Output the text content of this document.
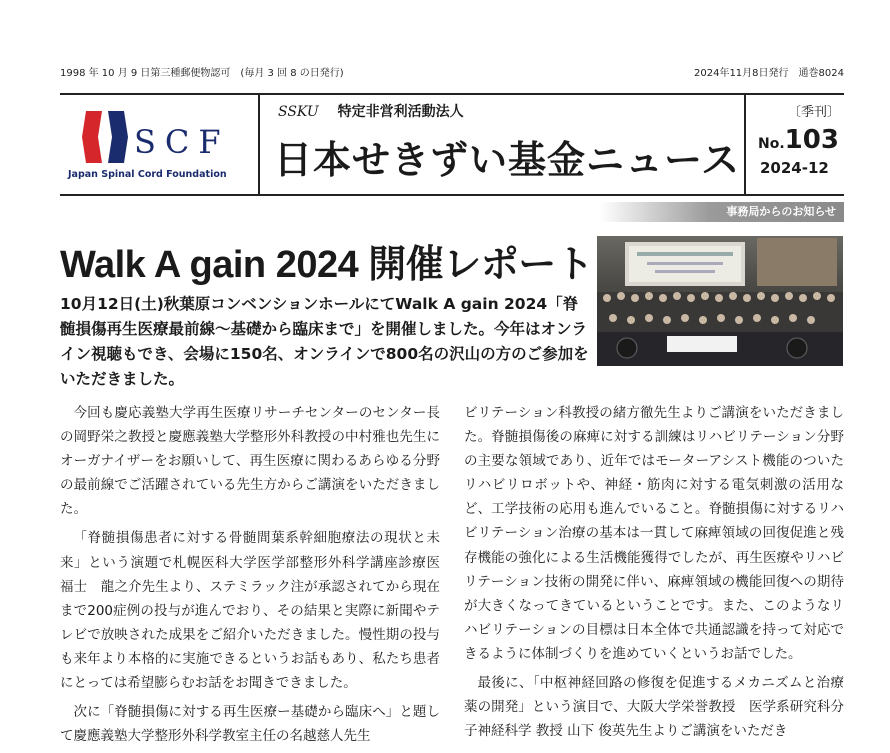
1998 年 10 月 9 日第三種郵便物認可　(毎月 3 回 8 の日発行)	2024年11月8日発行　通巻8024
SCF
Japan Spinal Cord Foundation
SSKU 特定非営利活動法人
日本せきずい基金ニュース
〔季刊〕
No.103
2024-12
事務局からのお知らせ
Walk A gain 2024 開催レポート
10月12日(土)秋葉原コンベンションホールにてWalk A gain 2024「脊髄損傷再生医療最前線〜基礎から臨床まで」を開催しました。今年はオンライン視聴もでき、会場に150名、オンラインで800名の沢山の方のご参加をいただきました。

今回も慶応義塾大学再生医療リサーチセンターのセンター長の岡野栄之教授と慶應義塾大学整形外科教授の中村雅也先生にオーガナイザーをお願いして、再生医療に関わるあらゆる分野の最前線でご活躍されている先生方からご講演をいただきました。

「脊髄損傷患者に対する骨髄間葉系幹細胞療法の現状と未来」という演題で札幌医科大学医学部整形外科学講座診療医　福士　龍之介先生より、ステミラック注が承認されてから現在まで200症例の投与が進んでおり、その結果と実際に新聞やテレビで放映された成果をご紹介いただきました。慢性期の投与も来年より本格的に実施できるというお話もあり、私たち患者にとっては希望膨らむお話をお聞きできました。

次に「脊髄損傷に対する再生医療ー基礎から臨床へ」と題して慶應義塾大学整形外科学教室主任の名越慈人先生

ビリテーション科教授の緒方徹先生よりご講演をいただきました。脊髄損傷後の麻痺に対する訓練はリハビリテーション分野の主要な領域であり、近年ではモーターアシスト機能のついたリハビリロボットや、神経・筋肉に対する電気刺激の活用など、工学技術の応用も進んでいること。脊髄損傷に対するリハビリテーション治療の基本は一貫して麻痺領域の回復促進と残存機能の強化による生活機能獲得でしたが、再生医療やリハビリテーション技術の開発に伴い、麻痺領域の機能回復への期待が大きくなってきているということです。また、このようなリハビリテーションの目標は日本全体で共通認識を持って対応できるように体制づくりを進めていくというお話でした。

最後に、「中枢神経回路の修復を促進するメカニズムと治療薬の開発」という演目で、大阪大学栄誉教授　医学系研究科分子神経科学 教授 山下 俊英先生よりご講演をいただき
